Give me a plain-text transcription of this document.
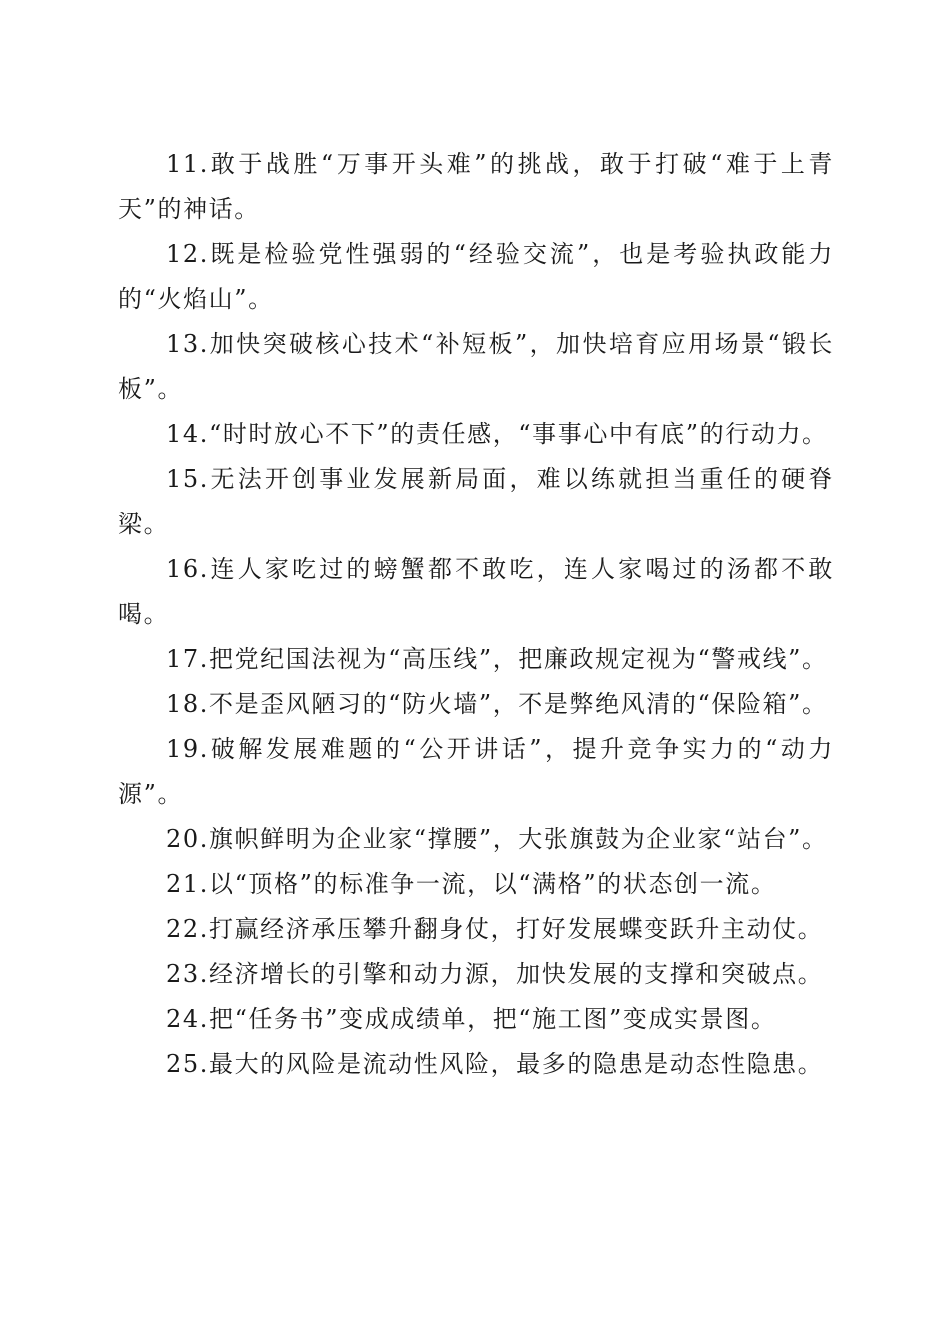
11.敢于战胜“万事开头难”的挑战，敢于打破“难于上青天”的神话。

12.既是检验党性强弱的“经验交流”，也是考验执政能力的“火焰山”。

13.加快突破核心技术“补短板”，加快培育应用场景“锻长板”。

14.“时时放心不下”的责任感，“事事心中有底”的行动力。

15.无法开创事业发展新局面，难以练就担当重任的硬脊梁。

16.连人家吃过的螃蟹都不敢吃，连人家喝过的汤都不敢喝。

17.把党纪国法视为“高压线”，把廉政规定视为“警戒线”。

18.不是歪风陋习的“防火墙”，不是弊绝风清的“保险箱”。

19.破解发展难题的“公开讲话”，提升竞争实力的“动力源”。

20.旗帜鲜明为企业家“撑腰”，大张旗鼓为企业家“站台”。

21.以“顶格”的标准争一流，以“满格”的状态创一流。

22.打赢经济承压攀升翻身仗，打好发展蝶变跃升主动仗。

23.经济增长的引擎和动力源，加快发展的支撑和突破点。

24.把“任务书”变成成绩单，把“施工图”变成实景图。

25.最大的风险是流动性风险，最多的隐患是动态性隐患。
